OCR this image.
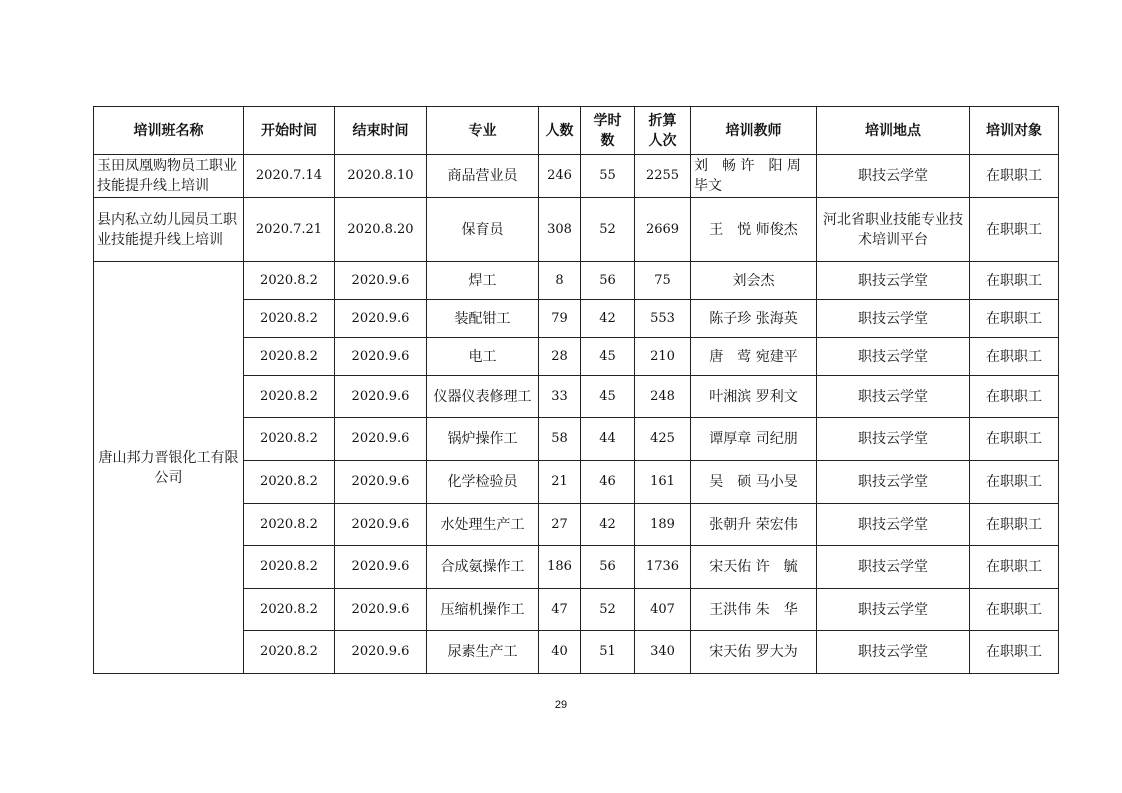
培训班名称	开始时间	结束时间	专业	人数	学时数	折算人次	培训教师	培训地点	培训对象
玉田凤凰购物员工职业技能提升线上培训	2020.7.14	2020.8.10	商品营业员	246	55	2255	刘　畅 许　阳 周毕文	职技云学堂	在职职工
县内私立幼儿园员工职业技能提升线上培训	2020.7.21	2020.8.20	保育员	308	52	2669	王　悦 师俊杰	河北省职业技能专业技术培训平台	在职职工
唐山邦力晋银化工有限公司	2020.8.2	2020.9.6	焊工	8	56	75	刘会杰	职技云学堂	在职职工
	2020.8.2	2020.9.6	装配钳工	79	42	553	陈子珍 张海英	职技云学堂	在职职工
	2020.8.2	2020.9.6	电工	28	45	210	唐　莺 宛建平	职技云学堂	在职职工
	2020.8.2	2020.9.6	仪器仪表修理工	33	45	248	叶湘滨 罗利文	职技云学堂	在职职工
	2020.8.2	2020.9.6	锅炉操作工	58	44	425	谭厚章 司纪朋	职技云学堂	在职职工
	2020.8.2	2020.9.6	化学检验员	21	46	161	吴　硕 马小旻	职技云学堂	在职职工
	2020.8.2	2020.9.6	水处理生产工	27	42	189	张朝升 荣宏伟	职技云学堂	在职职工
	2020.8.2	2020.9.6	合成氨操作工	186	56	1736	宋天佑 许　毓	职技云学堂	在职职工
	2020.8.2	2020.9.6	压缩机操作工	47	52	407	王洪伟 朱　华	职技云学堂	在职职工
	2020.8.2	2020.9.6	尿素生产工	40	51	340	宋天佑 罗大为	职技云学堂	在职职工
29
